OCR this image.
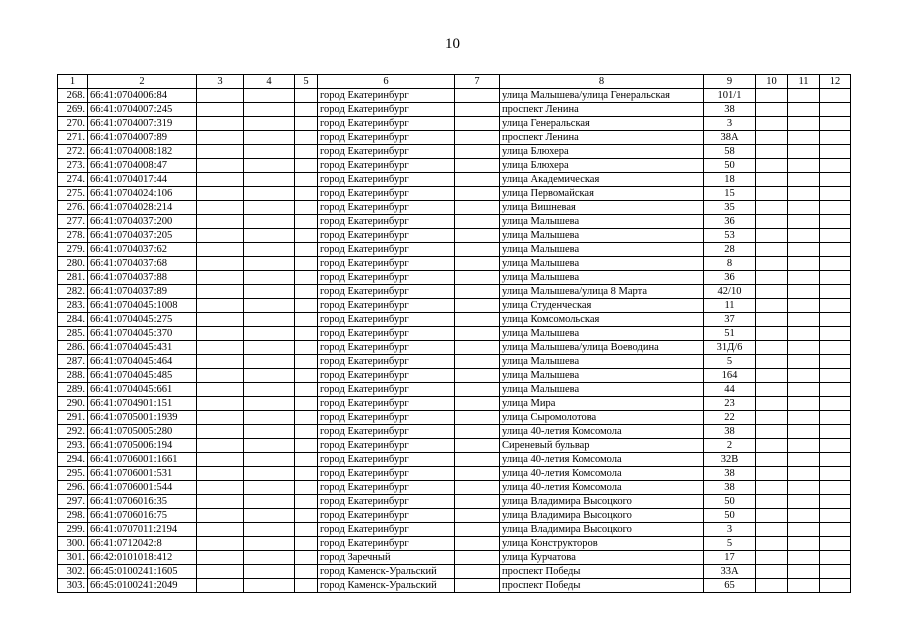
10
1	2	3	4	5	6	7	8	9	10	11	12
268.	66:41:0704006:84				город Екатеринбург		улица Малышева/улица Генеральская	101/1			
269.	66:41:0704007:245				город Екатеринбург		проспект Ленина	38			
270.	66:41:0704007:319				город Екатеринбург		улица Генеральская	3			
271.	66:41:0704007:89				город Екатеринбург		проспект Ленина	38А			
272.	66:41:0704008:182				город Екатеринбург		улица Блюхера	58			
273.	66:41:0704008:47				город Екатеринбург		улица Блюхера	50			
274.	66:41:0704017:44				город Екатеринбург		улица Академическая	18			
275.	66:41:0704024:106				город Екатеринбург		улица Первомайская	15			
276.	66:41:0704028:214				город Екатеринбург		улица Вишневая	35			
277.	66:41:0704037:200				город Екатеринбург		улица Малышева	36			
278.	66:41:0704037:205				город Екатеринбург		улица Малышева	53			
279.	66:41:0704037:62				город Екатеринбург		улица Малышева	28			
280.	66:41:0704037:68				город Екатеринбург		улица Малышева	8			
281.	66:41:0704037:88				город Екатеринбург		улица Малышева	36			
282.	66:41:0704037:89				город Екатеринбург		улица Малышева/улица 8 Марта	42/10			
283.	66:41:0704045:1008				город Екатеринбург		улица Студенческая	11			
284.	66:41:0704045:275				город Екатеринбург		улица Комсомольская	37			
285.	66:41:0704045:370				город Екатеринбург		улица Малышева	51			
286.	66:41:0704045:431				город Екатеринбург		улица Малышева/улица Воеводина	31Д/6			
287.	66:41:0704045:464				город Екатеринбург		улица Малышева	5			
288.	66:41:0704045:485				город Екатеринбург		улица Малышева	164			
289.	66:41:0704045:661				город Екатеринбург		улица Малышева	44			
290.	66:41:0704901:151				город Екатеринбург		улица Мира	23			
291.	66:41:0705001:1939				город Екатеринбург		улица Сыромолотова	22			
292.	66:41:0705005:280				город Екатеринбург		улица 40-летия Комсомола	38			
293.	66:41:0705006:194				город Екатеринбург		Сиреневый бульвар	2			
294.	66:41:0706001:1661				город Екатеринбург		улица 40-летия Комсомола	32В			
295.	66:41:0706001:531				город Екатеринбург		улица 40-летия Комсомола	38			
296.	66:41:0706001:544				город Екатеринбург		улица 40-летия Комсомола	38			
297.	66:41:0706016:35				город Екатеринбург		улица Владимира Высоцкого	50			
298.	66:41:0706016:75				город Екатеринбург		улица Владимира Высоцкого	50			
299.	66:41:0707011:2194				город Екатеринбург		улица Владимира Высоцкого	3			
300.	66:41:0712042:8				город Екатеринбург		улица Конструкторов	5			
301.	66:42:0101018:412				город Заречный		улица Курчатова	17			
302.	66:45:0100241:1605				город Каменск-Уральский		проспект Победы	33А			
303.	66:45:0100241:2049				город Каменск-Уральский		проспект Победы	65			
